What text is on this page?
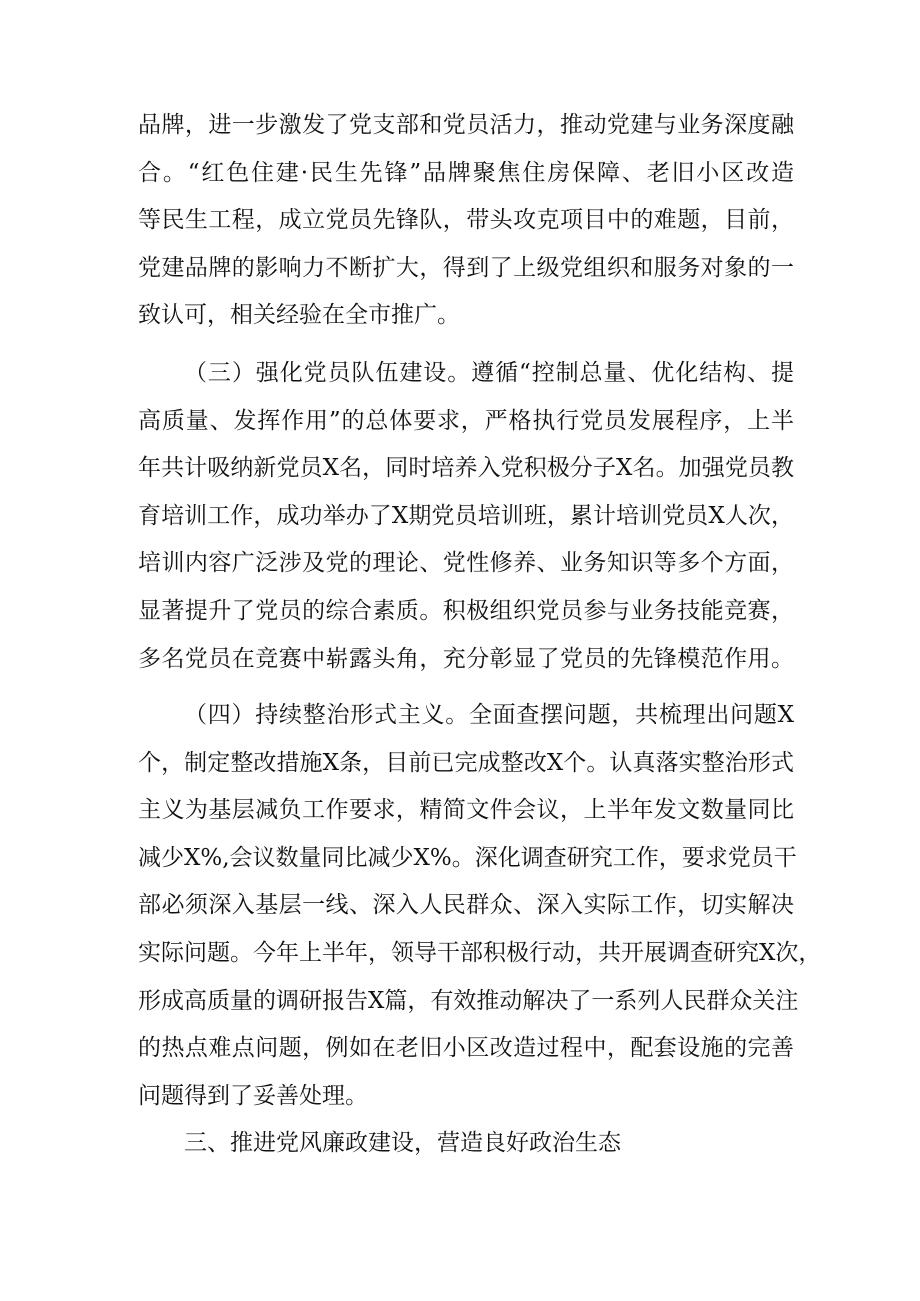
品牌，进一步激发了党支部和党员活力，推动党建与业务深度融
合。“红色住建·民生先锋”品牌聚焦住房保障、老旧小区改造
等民生工程，成立党员先锋队，带头攻克项目中的难题，目前，
党建品牌的影响力不断扩大，得到了上级党组织和服务对象的一
致认可，相关经验在全市推广。
（三）强化党员队伍建设。遵循“控制总量、优化结构、提
高质量、发挥作用”的总体要求，严格执行党员发展程序，上半
年共计吸纳新党员X名，同时培养入党积极分子X名。加强党员教
育培训工作，成功举办了X期党员培训班，累计培训党员X人次，
培训内容广泛涉及党的理论、党性修养、业务知识等多个方面，
显著提升了党员的综合素质。积极组织党员参与业务技能竞赛，
多名党员在竞赛中崭露头角，充分彰显了党员的先锋模范作用。
（四）持续整治形式主义。全面查摆问题，共梳理出问题X
个，制定整改措施X条，目前已完成整改X个。认真落实整治形式
主义为基层减负工作要求，精简文件会议，上半年发文数量同比
减少X%,会议数量同比减少X%。深化调查研究工作，要求党员干
部必须深入基层一线、深入人民群众、深入实际工作，切实解决
实际问题。今年上半年，领导干部积极行动，共开展调查研究X次，
形成高质量的调研报告X篇，有效推动解决了一系列人民群众关注
的热点难点问题，例如在老旧小区改造过程中，配套设施的完善
问题得到了妥善处理。
三、推进党风廉政建设，营造良好政治生态
